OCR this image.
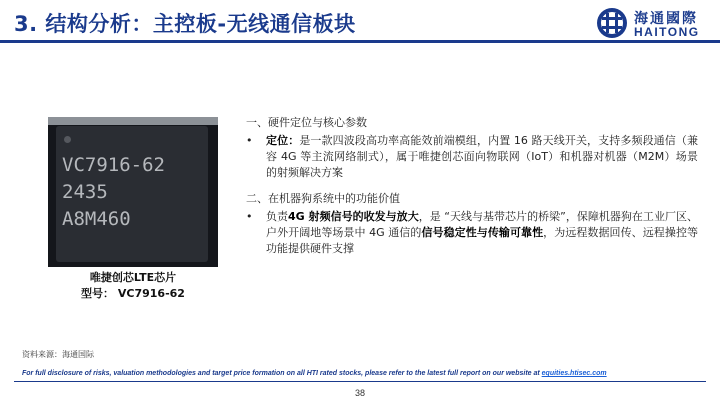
3. 结构分析：主控板-无线通信板块	海通國際
HAITONG
VC7916-62
2435
A8M460
唯捷创芯LTE芯片
型号： VC7916-62

一、硬件定位与核心参数

• 定位：是一款四波段高功率高能效前端模组，内置 16 路天线开关，支持多频段通信（兼容 4G 等主流网络制式），属于唯捷创芯面向物联网（IoT）和机器对机器（M2M）场景的射频解决方案

二、在机器狗系统中的功能价值

• 负责4G 射频信号的收发与放大，是 “天线与基带芯片的桥梁”，保障机器狗在工业厂区、户外开阔地等场景中 4G 通信的信号稳定性与传输可靠性，为远程数据回传、远程操控等功能提供硬件支撑

资料来源：海通国际
For full disclosure of risks, valuation methodologies and target price formation on all HTI rated stocks, please refer to the latest full report on our website at equities.htisec.com
38
